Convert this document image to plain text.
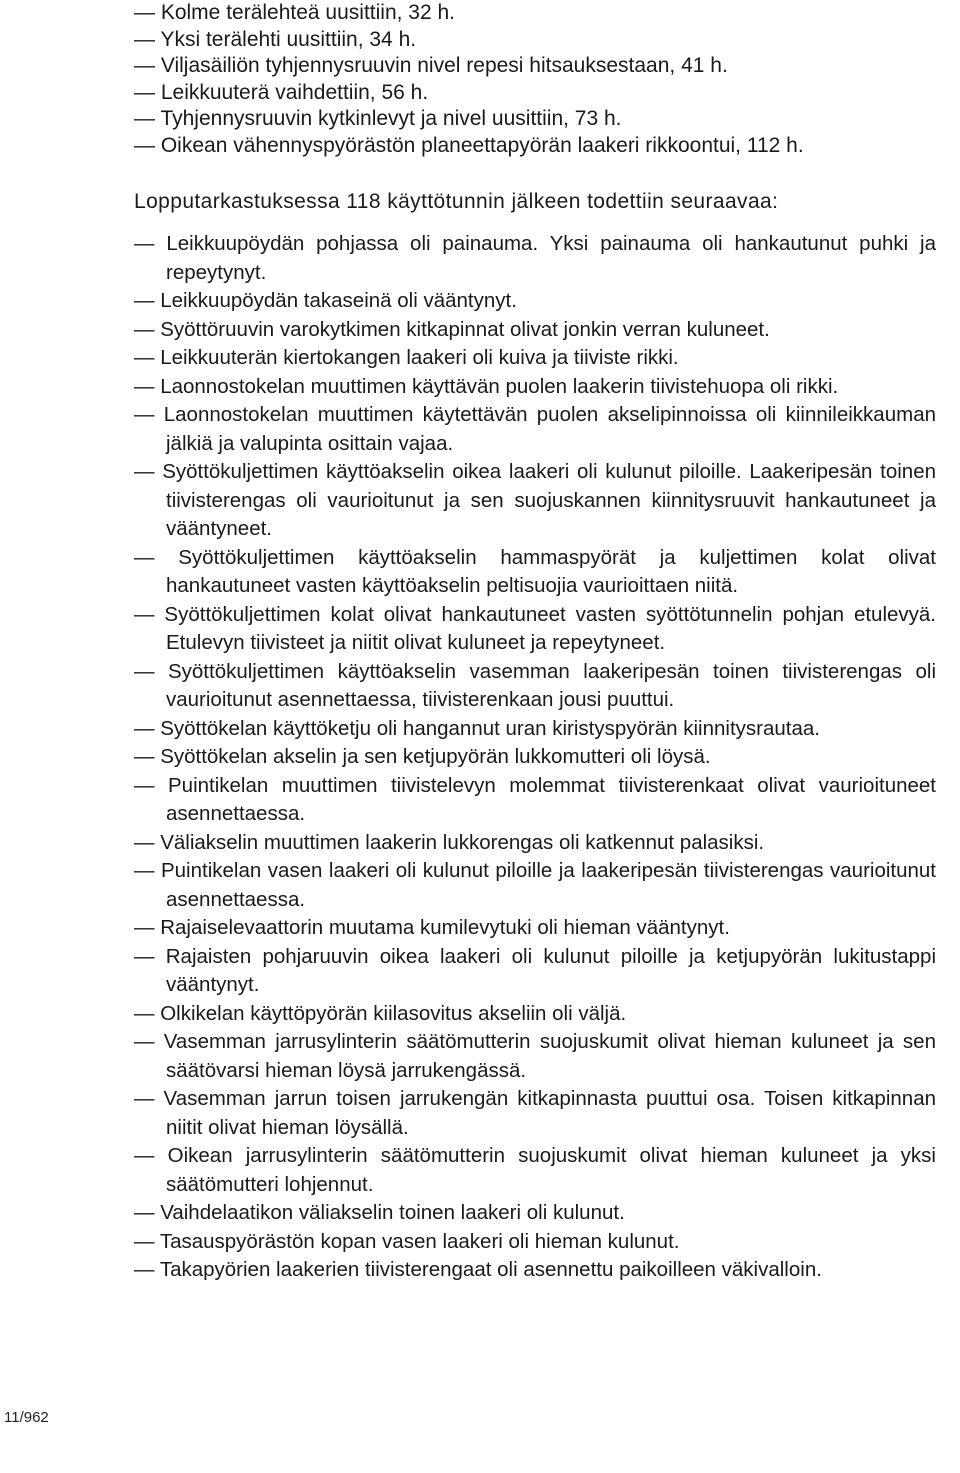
— Kolme terälehteä uusittiin, 32 h.
— Yksi terälehti uusittiin, 34 h.
— Viljasäiliön tyhjennysruuvin nivel repesi hitsauksestaan, 41 h.
— Leikkuuterä vaihdettiin, 56 h.
— Tyhjennysruuvin kytkinlevyt ja nivel uusittiin, 73 h.
— Oikean vähennyspyörästön planeettapyörän laakeri rikkoontui, 112 h.
Lopputarkastuksessa 118 käyttötunnin jälkeen todettiin seuraavaa:
— Leikkuupöydän pohjassa oli painauma. Yksi painauma oli hankautunut puhki ja repeytynyt.
— Leikkuupöydän takaseinä oli vääntynyt.
— Syöttöruuvin varokytkimen kitkapinnat olivat jonkin verran kuluneet.
— Leikkuuterän kiertokangen laakeri oli kuiva ja tiiviste rikki.
— Laonnostokelan muuttimen käyttävän puolen laakerin tiivistehuopa oli rikki.
— Laonnostokelan muuttimen käytettävän puolen akselipinnoissa oli kiinnileikkauman jälkiä ja valupinta osittain vajaa.
— Syöttökuljettimen käyttöakselin oikea laakeri oli kulunut piloille. Laakeripesän toinen tiivisterengas oli vaurioitunut ja sen suojuskannen kiinnitysruuvit hankautuneet ja vääntyneet.
— Syöttökuljettimen käyttöakselin hammaspyörät ja kuljettimen kolat olivat hankautuneet vasten käyttöakselin peltisuojia vaurioittaen niitä.
— Syöttökuljettimen kolat olivat hankautuneet vasten syöttötunnelin pohjan etulevyä. Etulevyn tiivisteet ja niitit olivat kuluneet ja repeytyneet.
— Syöttökuljettimen käyttöakselin vasemman laakeripesän toinen tiivisterengas oli vaurioitunut asennettaessa, tiivisterenkaan jousi puuttui.
— Syöttökelan käyttöketju oli hangannut uran kiristyspyörän kiinnitysrautaa.
— Syöttökelan akselin ja sen ketjupyörän lukkomutteri oli löysä.
— Puintikelan muuttimen tiivistelevyn molemmat tiivisterenkaat olivat vaurioituneet asennettaessa.
— Väliakselin muuttimen laakerin lukkorengas oli katkennut palasiksi.
— Puintikelan vasen laakeri oli kulunut piloille ja laakeripesän tiivisterengas vaurioitunut asennettaessa.
— Rajaiselevaattorin muutama kumilevytuki oli hieman vääntynyt.
— Rajaisten pohjaruuvin oikea laakeri oli kulunut piloille ja ketjupyörän lukitustappi vääntynyt.
— Olkikelan käyttöpyörän kiilasovitus akseliin oli väljä.
— Vasemman jarrusylinterin säätömutterin suojuskumit olivat hieman kuluneet ja sen säätövarsi hieman löysä jarrukengässä.
— Vasemman jarrun toisen jarrukengän kitkapinnasta puuttui osa. Toisen kitkapinnan niitit olivat hieman löysällä.
— Oikean jarrusylinterin säätömutterin suojuskumit olivat hieman kuluneet ja yksi säätömutteri lohjennut.
— Vaihdelaatikon väliakselin toinen laakeri oli kulunut.
— Tasauspyörästön kopan vasen laakeri oli hieman kulunut.
— Takapyörien laakerien tiivisterengaat oli asennettu paikoilleen väkivalloin.
11/962
